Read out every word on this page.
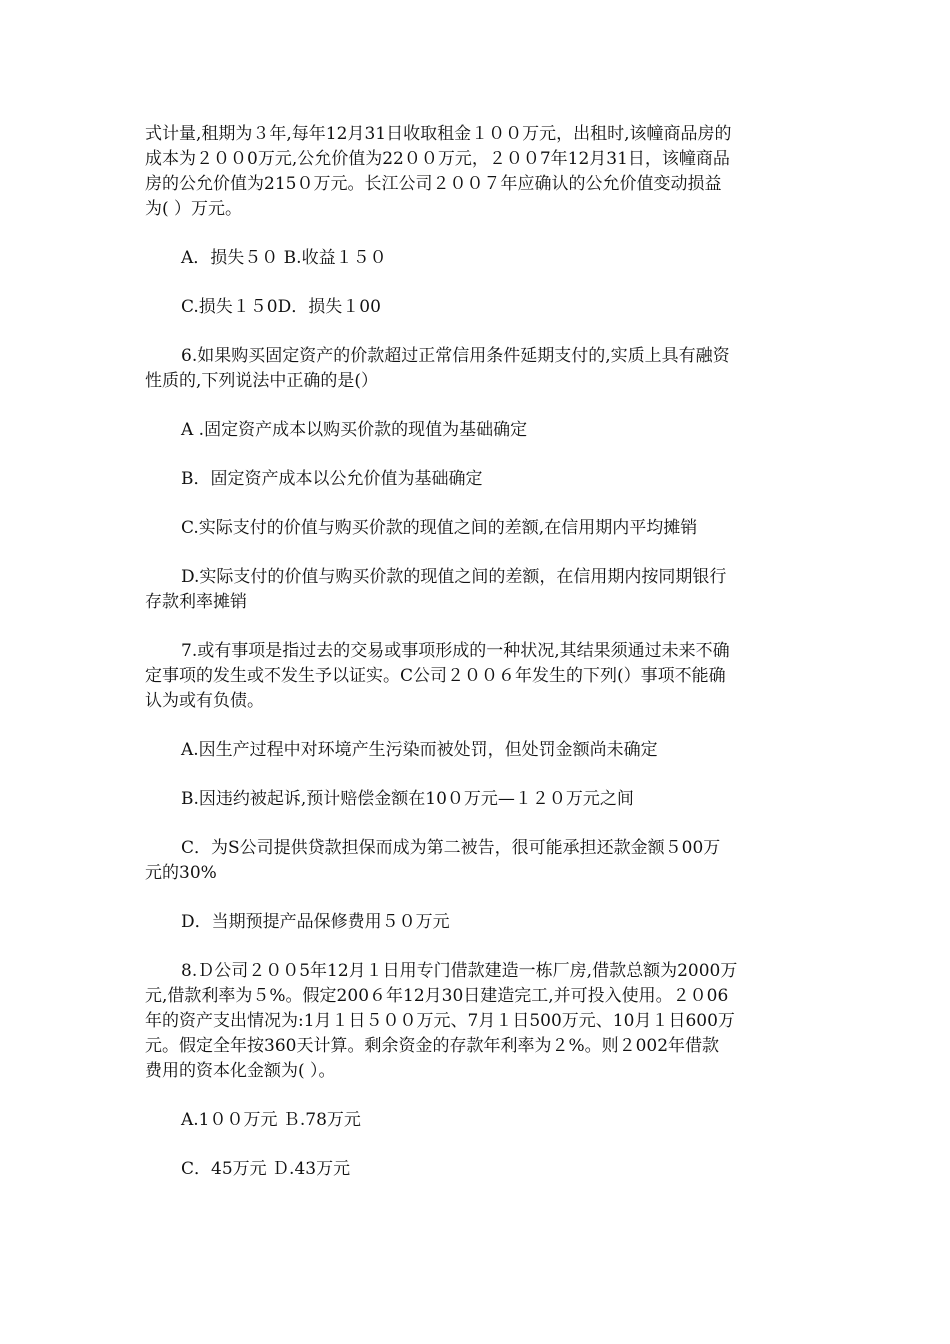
式计量,租期为３年,每年12月31日收取租金１００万元，出租时,该幢商品房的
成本为２００0万元,公允价值为22００万元，２００7年12月31日，该幢商品
房的公允价值为215０万元。长江公司２００７年应确认的公允价值变动损益
为( ）万元。

A．损失５０ B.收益１５０

C.损失１５0D．损失１00

6.如果购买固定资产的价款超过正常信用条件延期支付的,实质上具有融资
性质的,下列说法中正确的是(）

A .固定资产成本以购买价款的现值为基础确定

B．固定资产成本以公允价值为基础确定

C.实际支付的价值与购买价款的现值之间的差额,在信用期内平均摊销

D.实际支付的价值与购买价款的现值之间的差额，在信用期内按同期银行
存款利率摊销

7.或有事项是指过去的交易或事项形成的一种状况,其结果须通过未来不确
定事项的发生或不发生予以证实。C公司２００６年发生的下列(）事项不能确
认为或有负债。

A.因生产过程中对环境产生污染而被处罚，但处罚金额尚未确定

B.因违约被起诉,预计赔偿金额在10０万元—１２０万元之间

C．为S公司提供贷款担保而成为第二被告，很可能承担还款金额５00万
元的30%

D．当期预提产品保修费用５０万元

8.Ｄ公司２００5年12月１日用专门借款建造一栋厂房,借款总额为2000万
元,借款利率为５%。假定200６年12月30日建造完工,并可投入使用。２０06
年的资产支出情况为:1月１日５００万元、7月１日500万元、10月１日600万
元。假定全年按360天计算。剩余资金的存款年利率为２%。则２002年借款
费用的资本化金额为( ）。

A.1００万元 Ｂ.78万元

C．45万元 Ｄ.43万元
